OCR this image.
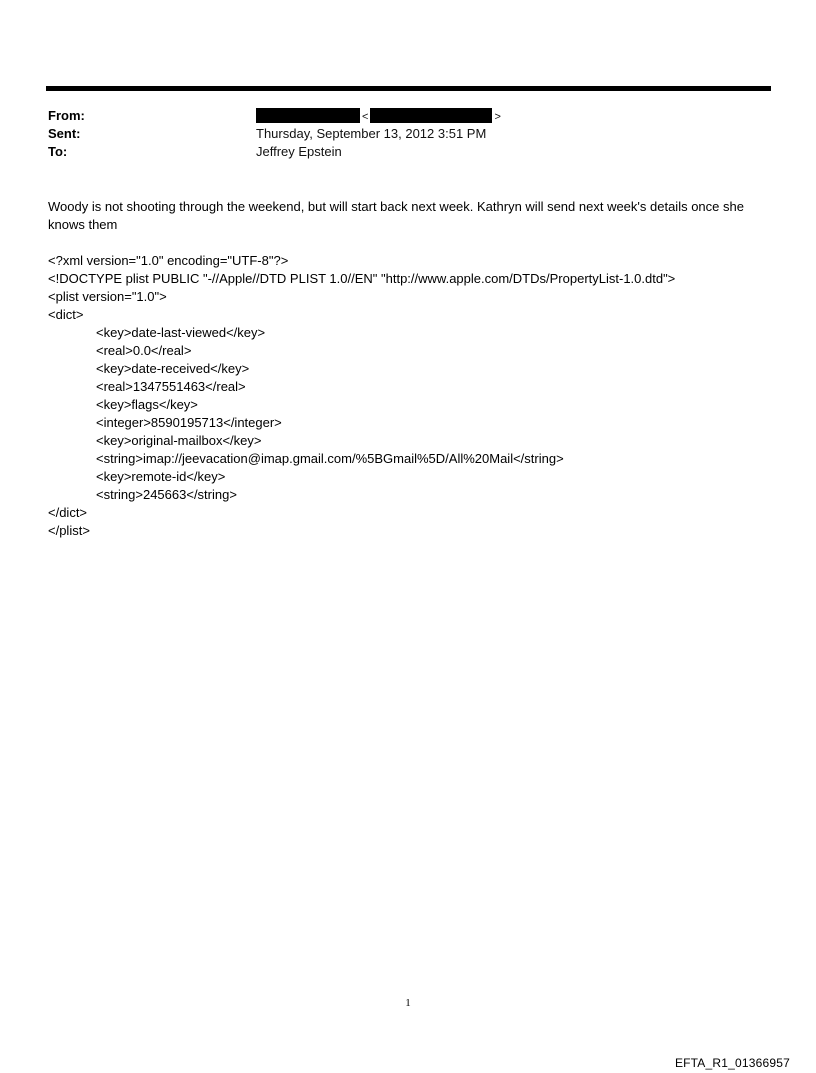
From:	<	>
Sent:	Thursday, September 13, 2012 3:51 PM
To:	Jeffrey Epstein
Woody is not shooting through the weekend, but will start back next week. Kathryn will send next week's details once she knows them
<?xml version="1.0" encoding="UTF-8"?>
<!DOCTYPE plist PUBLIC "-//Apple//DTD PLIST 1.0//EN" "http://www.apple.com/DTDs/PropertyList-1.0.dtd">
<plist version="1.0">
<dict>
<key>date-last-viewed</key>
<real>0.0</real>
<key>date-received</key>
<real>1347551463</real>
<key>flags</key>
<integer>8590195713</integer>
<key>original-mailbox</key>
<string>imap://jeevacation@imap.gmail.com/%5BGmail%5D/All%20Mail</string>
<key>remote-id</key>
<string>245663</string>
</dict>
</plist>
1
EFTA_R1_01366957
